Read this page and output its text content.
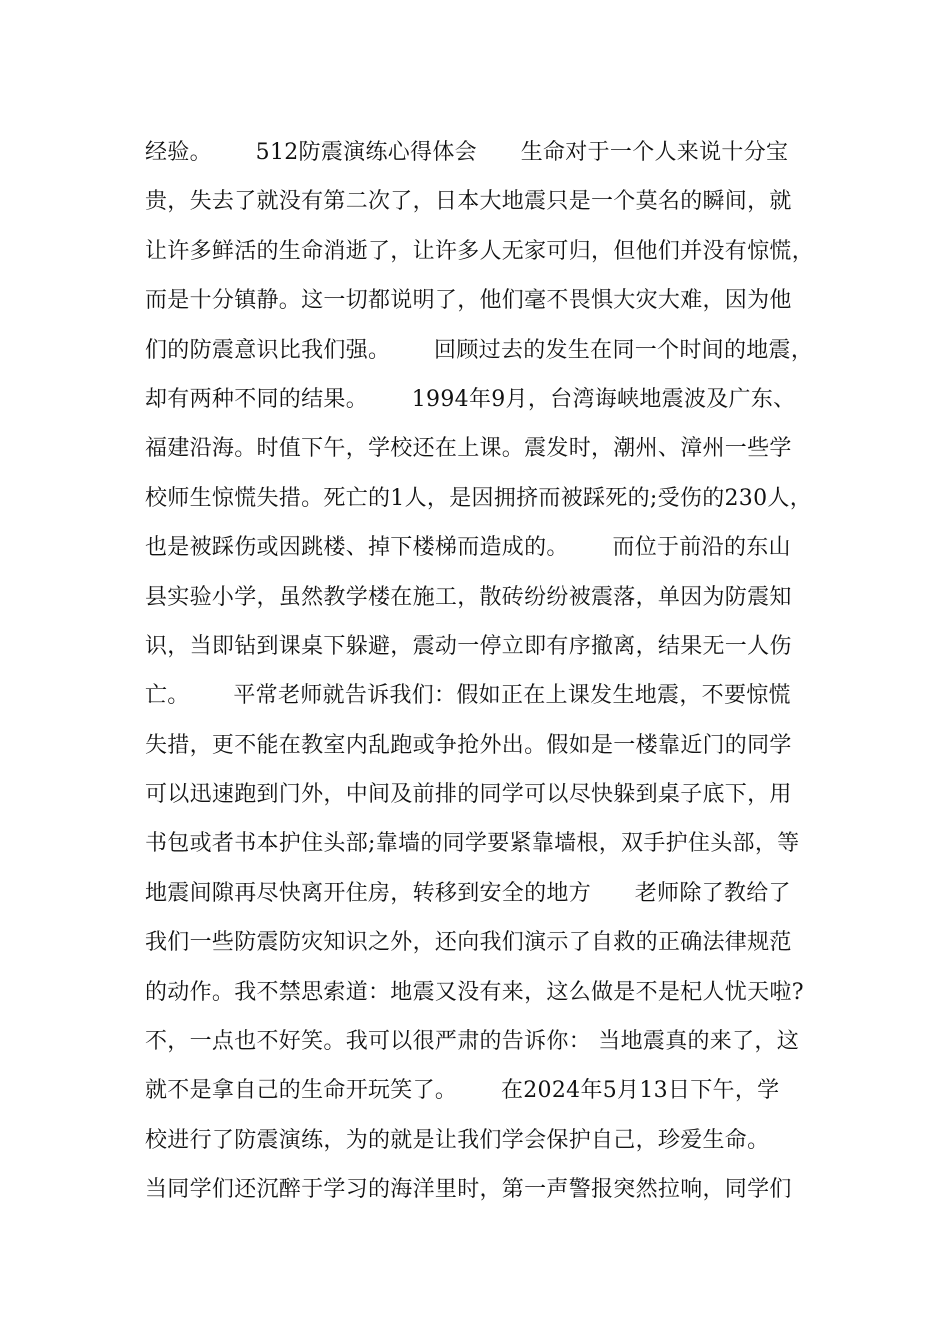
经验。      512防震演练心得体会      生命对于一个人来说十分宝
贵，失去了就没有第二次了，日本大地震只是一个莫名的瞬间，就
让许多鲜活的生命消逝了，让许多人无家可归，但他们并没有惊慌，
而是十分镇静。这一切都说明了，他们毫不畏惧大灾大难，因为他
们的防震意识比我们强。      回顾过去的发生在同一个时间的地震，
却有两种不同的结果。      1994年9月，台湾诲峡地震波及广东、
福建沿海。时值下午，学校还在上课。震发时，潮州、漳州一些学
校师生惊慌失措。死亡的1人，是因拥挤而被踩死的;受伤的230人，
也是被踩伤或因跳楼、掉下楼梯而造成的。      而位于前沿的东山
县实验小学，虽然教学楼在施工，散砖纷纷被震落，单因为防震知
识，当即钻到课桌下躲避，震动一停立即有序撤离，结果无一人伤
亡。      平常老师就告诉我们：假如正在上课发生地震，不要惊慌
失措，更不能在教室内乱跑或争抢外出。假如是一楼靠近门的同学
可以迅速跑到门外，中间及前排的同学可以尽快躲到桌子底下，用
书包或者书本护住头部;靠墙的同学要紧靠墙根，双手护住头部，等
地震间隙再尽快离开住房，转移到安全的地方      老师除了教给了
我们一些防震防灾知识之外，还向我们演示了自救的正确法律规范
的动作。我不禁思索道：地震又没有来，这么做是不是杞人忧天啦?
不，一点也不好笑。我可以很严肃的告诉你： 当地震真的来了，这
就不是拿自己的生命开玩笑了。      在2024年5月13日下午，学
校进行了防震演练，为的就是让我们学会保护自己，珍爱生命。
当同学们还沉醉于学习的海洋里时，第一声警报突然拉响，同学们
